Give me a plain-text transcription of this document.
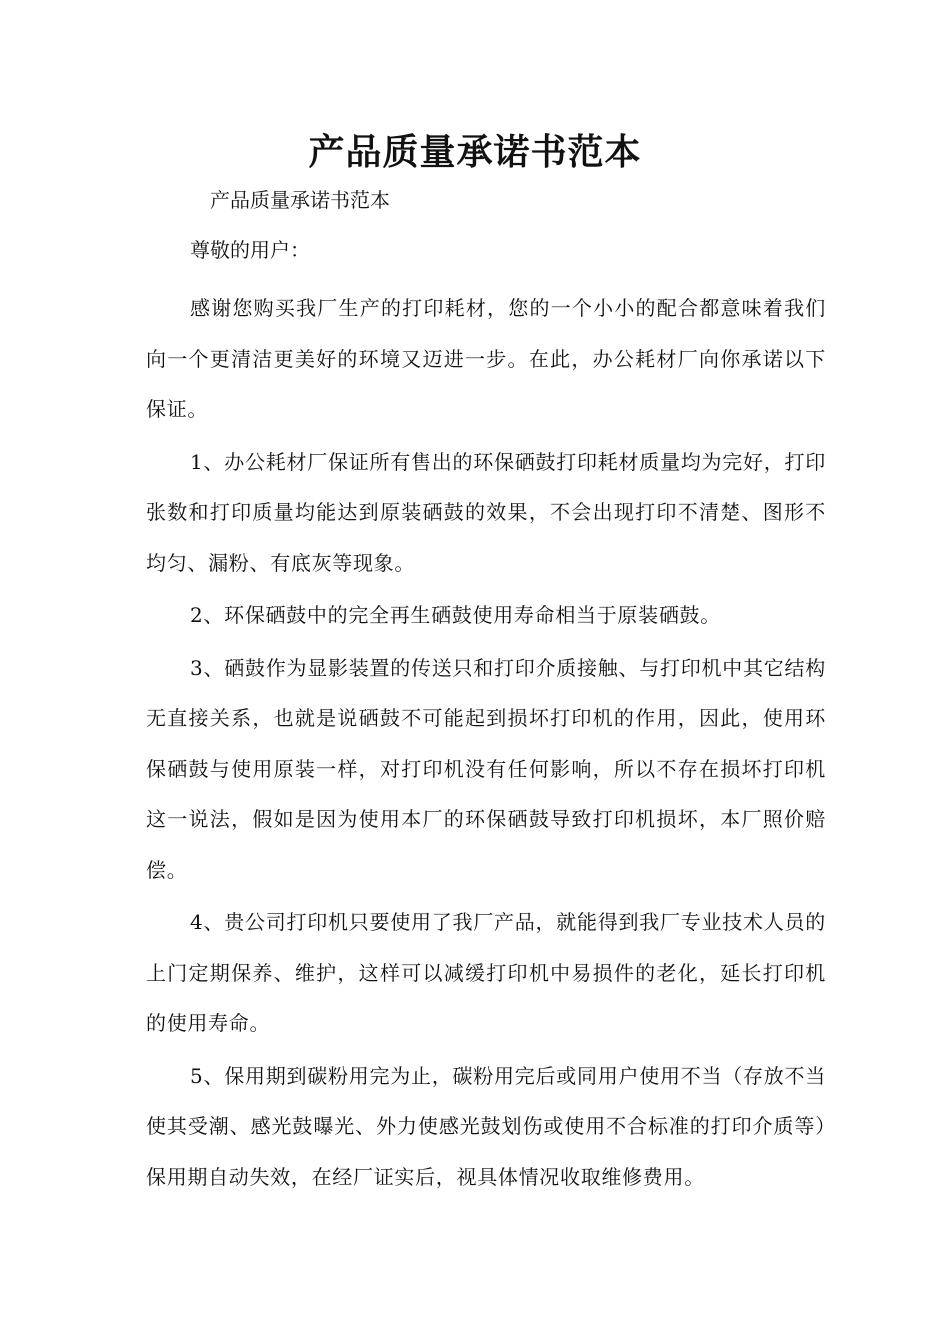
产品质量承诺书范本
产品质量承诺书范本
尊敬的用户：

感谢您购买我厂生产的打印耗材，您的一个小小的配合都意味着我们向一个更清洁更美好的环境又迈进一步。在此，办公耗材厂向你承诺以下保证。

1、办公耗材厂保证所有售出的环保硒鼓打印耗材质量均为完好，打印张数和打印质量均能达到原装硒鼓的效果，不会出现打印不清楚、图形不均匀、漏粉、有底灰等现象。

2、环保硒鼓中的完全再生硒鼓使用寿命相当于原装硒鼓。

3、硒鼓作为显影装置的传送只和打印介质接触、与打印机中其它结构无直接关系，也就是说硒鼓不可能起到损坏打印机的作用，因此，使用环保硒鼓与使用原装一样，对打印机没有任何影响，所以不存在损坏打印机这一说法，假如是因为使用本厂的环保硒鼓导致打印机损坏，本厂照价赔偿。

4、贵公司打印机只要使用了我厂产品，就能得到我厂专业技术人员的上门定期保养、维护，这样可以减缓打印机中易损件的老化，延长打印机的使用寿命。

5、保用期到碳粉用完为止，碳粉用完后或同用户使用不当（存放不当使其受潮、感光鼓曝光、外力使感光鼓划伤或使用不合标准的打印介质等）保用期自动失效，在经厂证实后，视具体情况收取维修费用。
